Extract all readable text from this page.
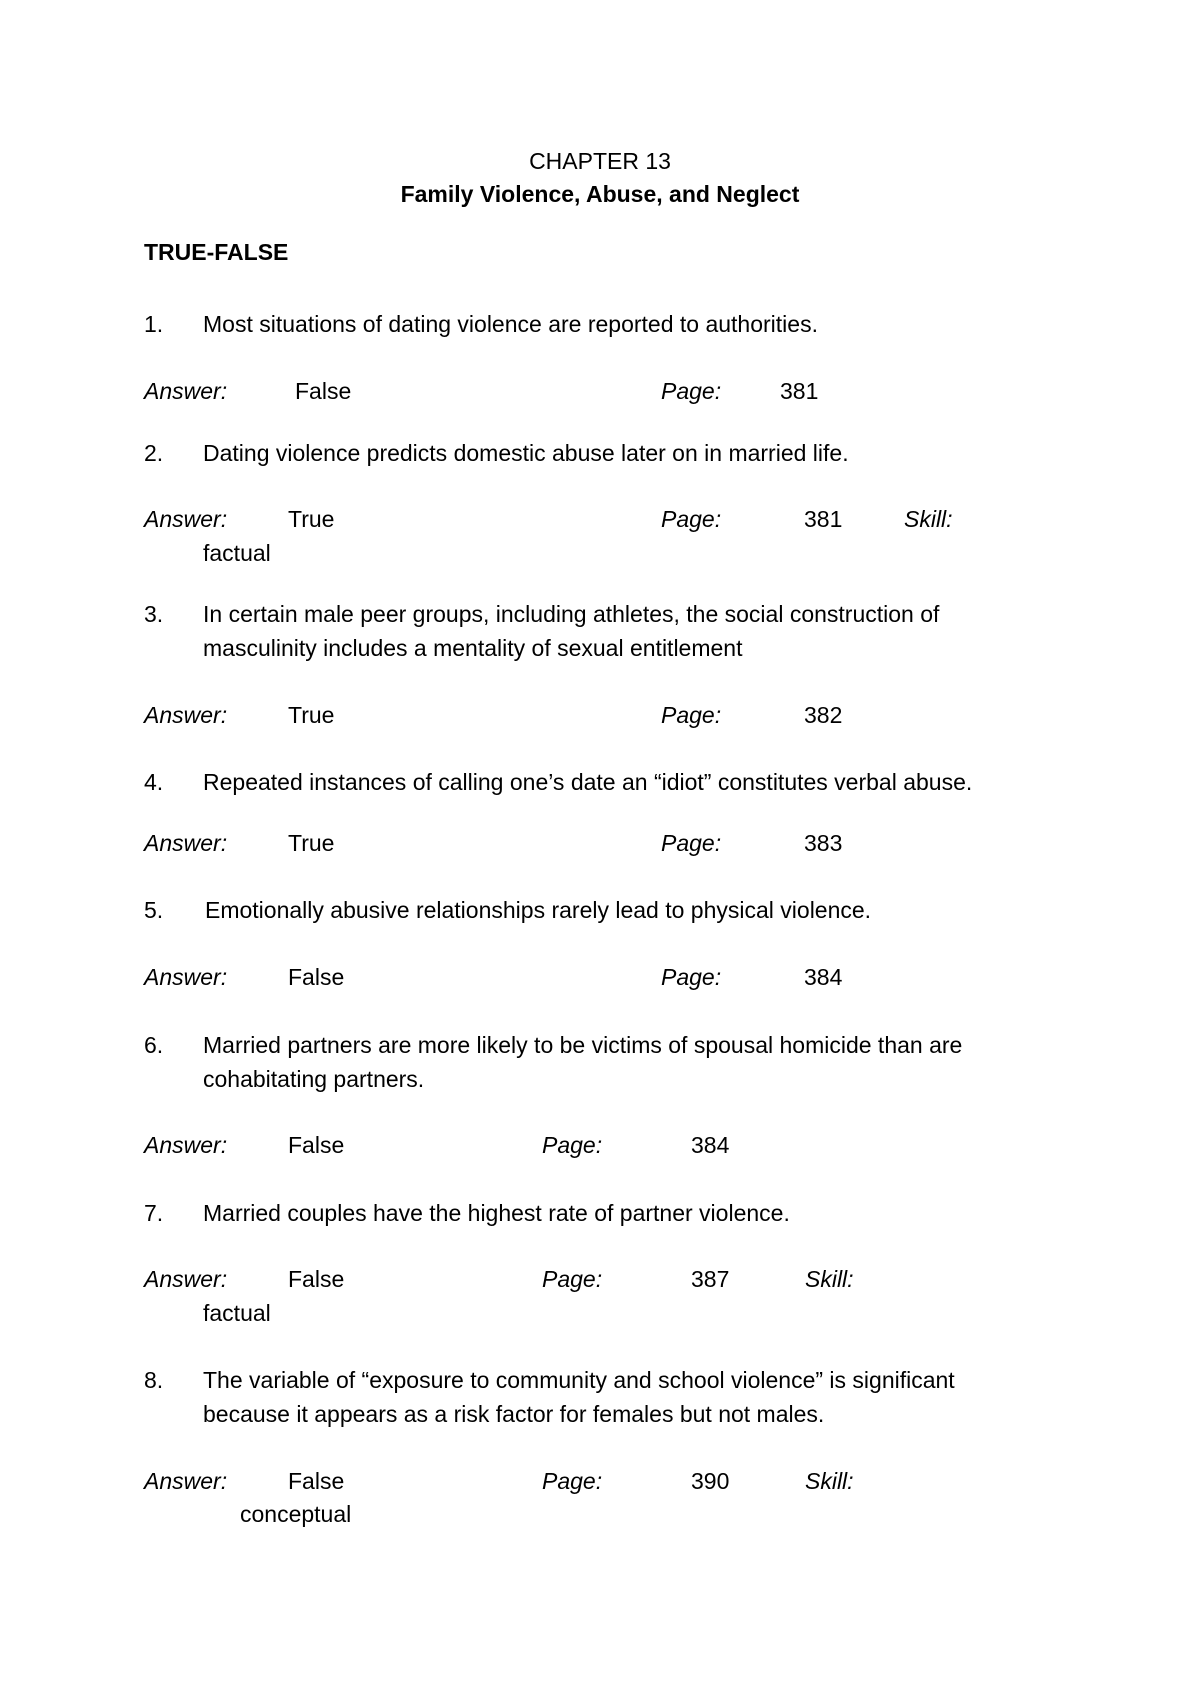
CHAPTER 13
Family Violence, Abuse, and Neglect
TRUE-FALSE
1. Most situations of dating violence are reported to authorities.
Answer:	False	Page:	381
2. Dating violence predicts domestic abuse later on in married life.
Answer:	True	Page:	381	Skill:
factual
3. In certain male peer groups, including athletes, the social construction of
masculinity includes a mentality of sexual entitlement
Answer:	True	Page:	382
4. Repeated instances of calling one’s date an “idiot” constitutes verbal abuse.
Answer:	True	Page:	383
5. Emotionally abusive relationships rarely lead to physical violence.
Answer:	False	Page:	384
6. Married partners are more likely to be victims of spousal homicide than are
cohabitating partners.
Answer:	False	Page:	384
7. Married couples have the highest rate of partner violence.
Answer:	False	Page:	387	Skill:
factual
8. The variable of “exposure to community and school violence” is significant
because it appears as a risk factor for females but not males.
Answer:	False	Page:	390	Skill:
conceptual
